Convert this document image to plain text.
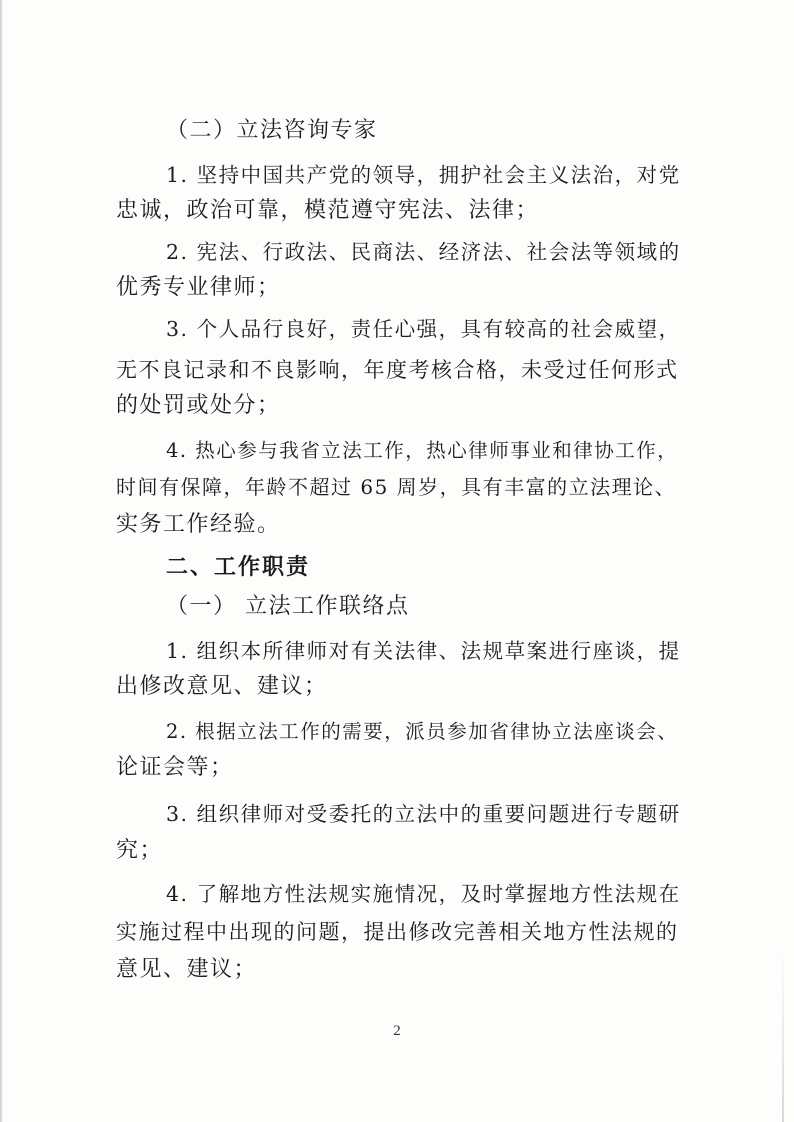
（二）立法咨询专家
1. 坚持中国共产党的领导，拥护社会主义法治，对党
忠诚，政治可靠，模范遵守宪法、法律；
2. 宪法、行政法、民商法、经济法、社会法等领域的
优秀专业律师；
3. 个人品行良好，责任心强，具有较高的社会威望，
无不良记录和不良影响，年度考核合格，未受过任何形式
的处罚或处分；
4. 热心参与我省立法工作，热心律师事业和律协工作，
时间有保障，年龄不超过 65 周岁，具有丰富的立法理论、
实务工作经验。
二、工作职责
（一） 立法工作联络点
1. 组织本所律师对有关法律、法规草案进行座谈，提
出修改意见、建议；
2. 根据立法工作的需要，派员参加省律协立法座谈会、
论证会等；
3. 组织律师对受委托的立法中的重要问题进行专题研
究；
4. 了解地方性法规实施情况，及时掌握地方性法规在
实施过程中出现的问题，提出修改完善相关地方性法规的
意见、建议；
2
